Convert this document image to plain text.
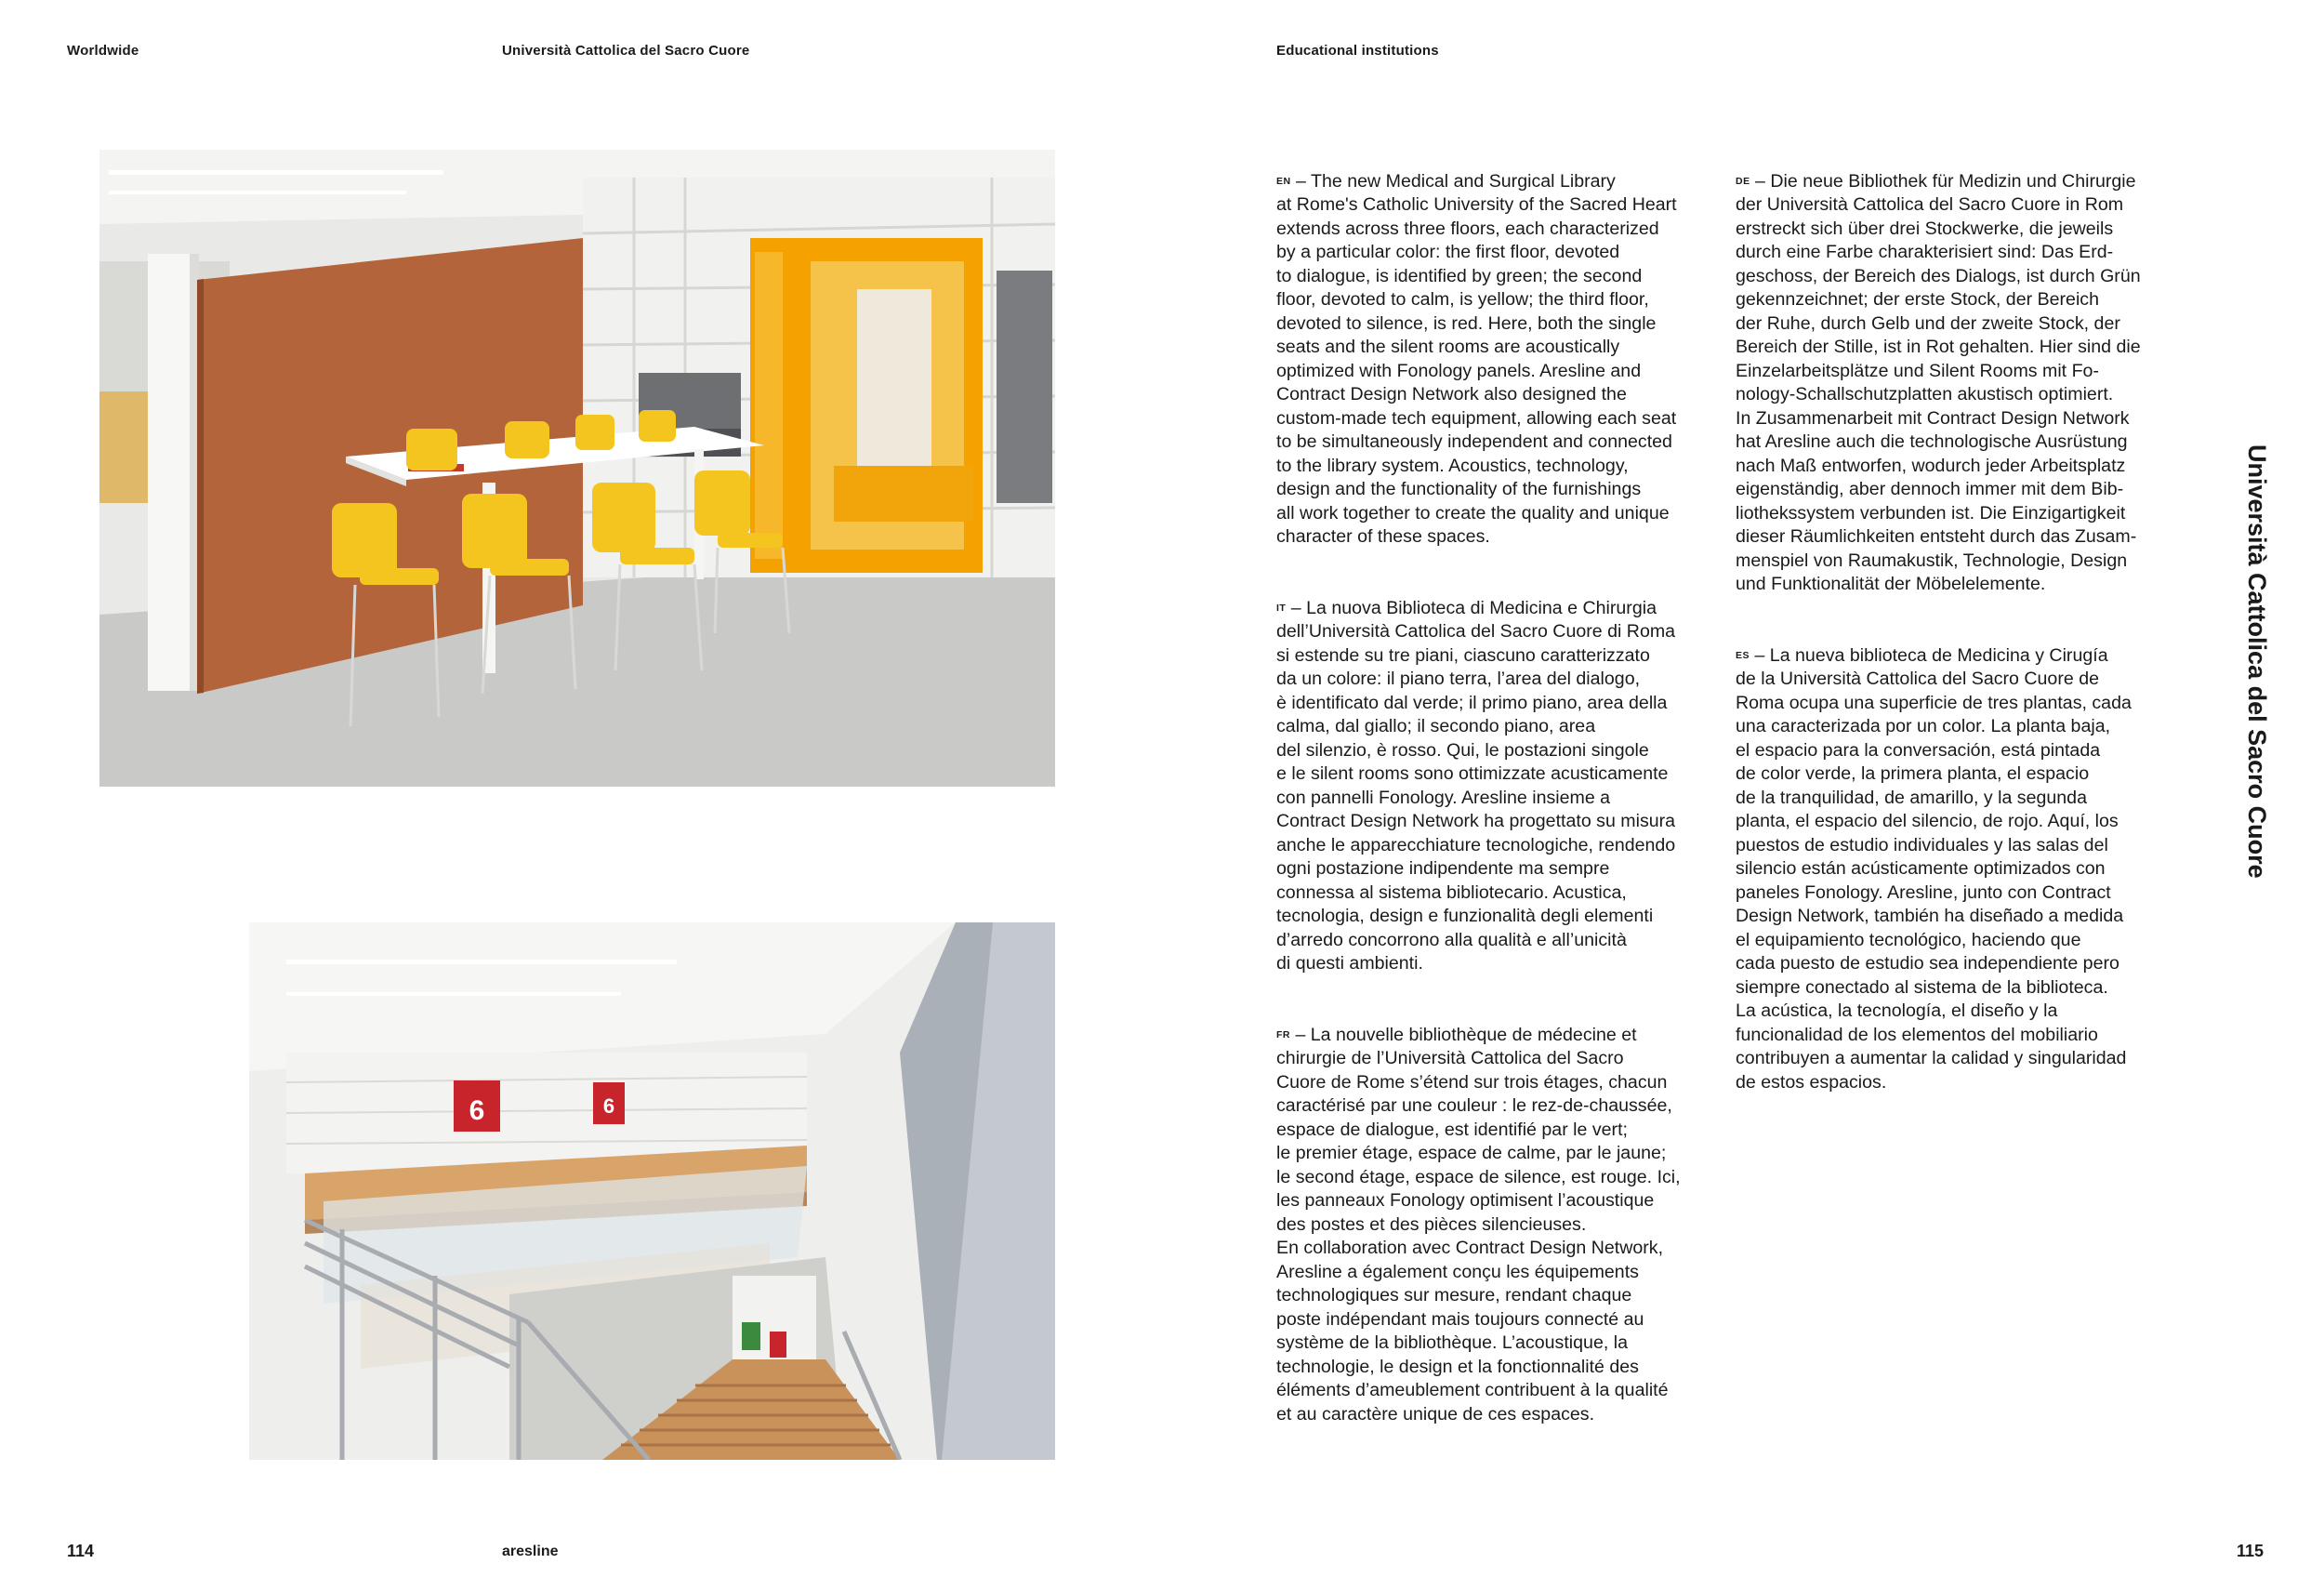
Worldwide	Università Cattolica del Sacro Cuore	Educational institutions
6	6

EN – The new Medical and Surgical Library
at Rome's Catholic University of the Sacred Heart
extends across three floors, each characterized
by a particular color: the first floor, devoted
to dialogue, is identified by green; the second
floor, devoted to calm, is yellow; the third floor,
devoted to silence, is red. Here, both the single
seats and the silent rooms are acoustically
optimized with Fonology panels. Aresline and
Contract Design Network also designed the
custom-made tech equipment, allowing each seat
to be simultaneously independent and connected
to the library system. Acoustics, technology,
design and the functionality of the furnishings
all work together to create the quality and unique
character of these spaces.

IT – La nuova Biblioteca di Medicina e Chirurgia
dell’Università Cattolica del Sacro Cuore di Roma
si estende su tre piani, ciascuno caratterizzato
da un colore: il piano terra, l’area del dialogo,
è identificato dal verde; il primo piano, area della
calma, dal giallo; il secondo piano, area
del silenzio, è rosso. Qui, le postazioni singole
e le silent rooms sono ottimizzate acusticamente
con pannelli Fonology. Aresline insieme a
Contract Design Network ha progettato su misura
anche le apparecchiature tecnologiche, rendendo
ogni postazione indipendente ma sempre
connessa al sistema bibliotecario. Acustica,
tecnologia, design e funzionalità degli elementi
d’arredo concorrono alla qualità e all’unicità
di questi ambienti.

FR – La nouvelle bibliothèque de médecine et
chirurgie de l’Università Cattolica del Sacro
Cuore de Rome s’étend sur trois étages, chacun
caractérisé par une couleur : le rez-de-chaussée,
espace de dialogue, est identifié par le vert;
le premier étage, espace de calme, par le jaune;
le second étage, espace de silence, est rouge. Ici,
les panneaux Fonology optimisent l’acoustique
des postes et des pièces silencieuses.
En collaboration avec Contract Design Network,
Aresline a également conçu les équipements
technologiques sur mesure, rendant chaque
poste indépendant mais toujours connecté au
système de la bibliothèque. L’acoustique, la
technologie, le design et la fonctionnalité des
éléments d’ameublement contribuent à la qualité
et au caractère unique de ces espaces.

DE – Die neue Bibliothek für Medizin und Chirurgie
der Università Cattolica del Sacro Cuore in Rom
erstreckt sich über drei Stockwerke, die jeweils
durch eine Farbe charakterisiert sind: Das Erd-
geschoss, der Bereich des Dialogs, ist durch Grün
gekennzeichnet; der erste Stock, der Bereich
der Ruhe, durch Gelb und der zweite Stock, der
Bereich der Stille, ist in Rot gehalten. Hier sind die
Einzelarbeitsplätze und Silent Rooms mit Fo-
nology-Schallschutzplatten akustisch optimiert.
In Zusammenarbeit mit Contract Design Network
hat Aresline auch die technologische Ausrüstung
nach Maß entworfen, wodurch jeder Arbeitsplatz
eigenständig, aber dennoch immer mit dem Bib-
liothekssystem verbunden ist. Die Einzigartigkeit
dieser Räumlichkeiten entsteht durch das Zusam-
menspiel von Raumakustik, Technologie, Design
und Funktionalität der Möbelelemente.

ES – La nueva biblioteca de Medicina y Cirugía
de la Università Cattolica del Sacro Cuore de
Roma ocupa una superficie de tres plantas, cada
una caracterizada por un color. La planta baja,
el espacio para la conversación, está pintada
de color verde, la primera planta, el espacio
de la tranquilidad, de amarillo, y la segunda
planta, el espacio del silencio, de rojo. Aquí, los
puestos de estudio individuales y las salas del
silencio están acústicamente optimizados con
paneles Fonology. Aresline, junto con Contract
Design Network, también ha diseñado a medida
el equipamiento tecnológico, haciendo que
cada puesto de estudio sea independiente pero
siempre conectado al sistema de la biblioteca.
La acústica, la tecnología, el diseño y la
funcionalidad de los elementos del mobiliario
contribuyen a aumentar la calidad y singularidad
de estos espacios.

Università Cattolica del Sacro Cuore
114	aresline	115
